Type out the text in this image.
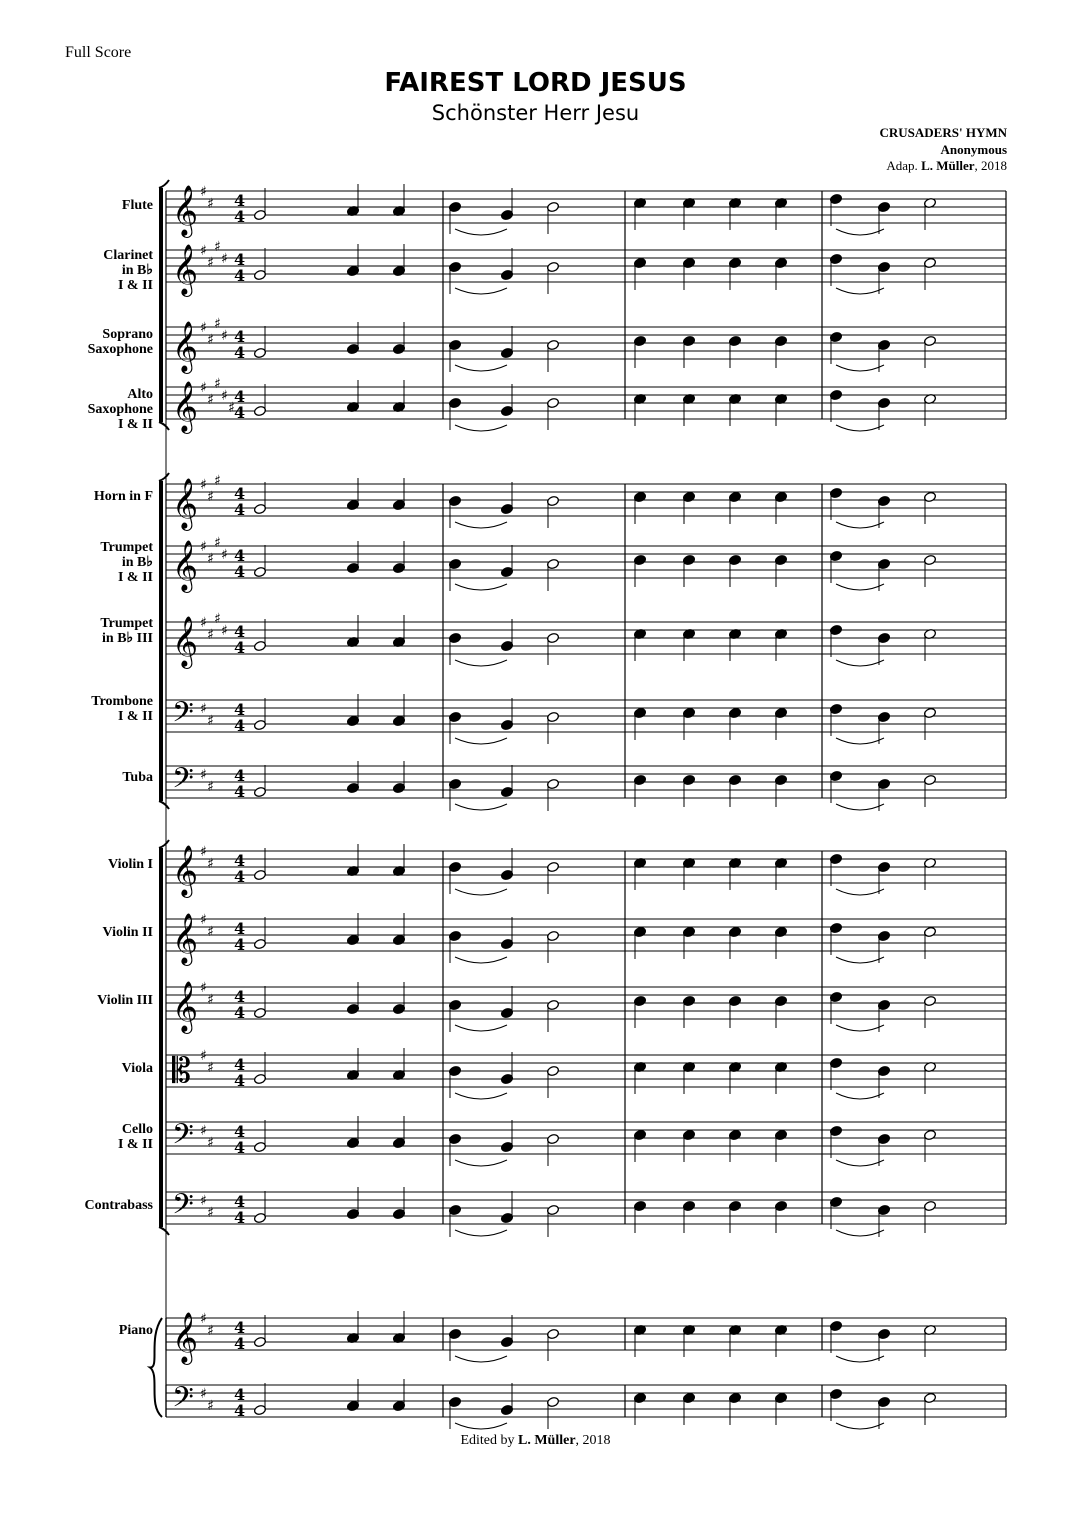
Full Score
FAIREST LORD JESUS
Schönster Herr Jesu
CRUSADERS' HYMN
Anonymous
Adap. L. Müller, 2018
Flute
Clarinet
in B♭
I & II
Soprano
Saxophone
Alto
Saxophone
I & II
Horn in F
Trumpet
in B♭
I & II
Trumpet
in B♭ III
Trombone
I & II
Tuba
Violin I
Violin II
Violin III
Viola
Cello
I & II
Contrabass
Piano
𝄞
𝄞
𝄞
𝄞
𝄞
𝄞
𝄞
𝄢
𝄢
𝄞
𝄞
𝄞
𝄡
𝄢
𝄢
𝄞
𝄢
♯
♯
♯
♯
♯
♯
♯
♯
♯
♯
♯
♯
♯
♯
♯
♯
♯
♯
♯
♯
♯
♯
♯
♯
♯
♯
♯
♯
♯
♯
♯
♯
♯
♯
♯
♯
♯
♯
♯
♯
♯
♯
♯
♯
♯
♯
4
4
4
4
4
4
4
4
4
4
4
4
4
4
4
4
4
4
4
4
4
4
4
4
4
4
4
4
4
4
4
4
4
4
Edited by L. Müller, 2018
